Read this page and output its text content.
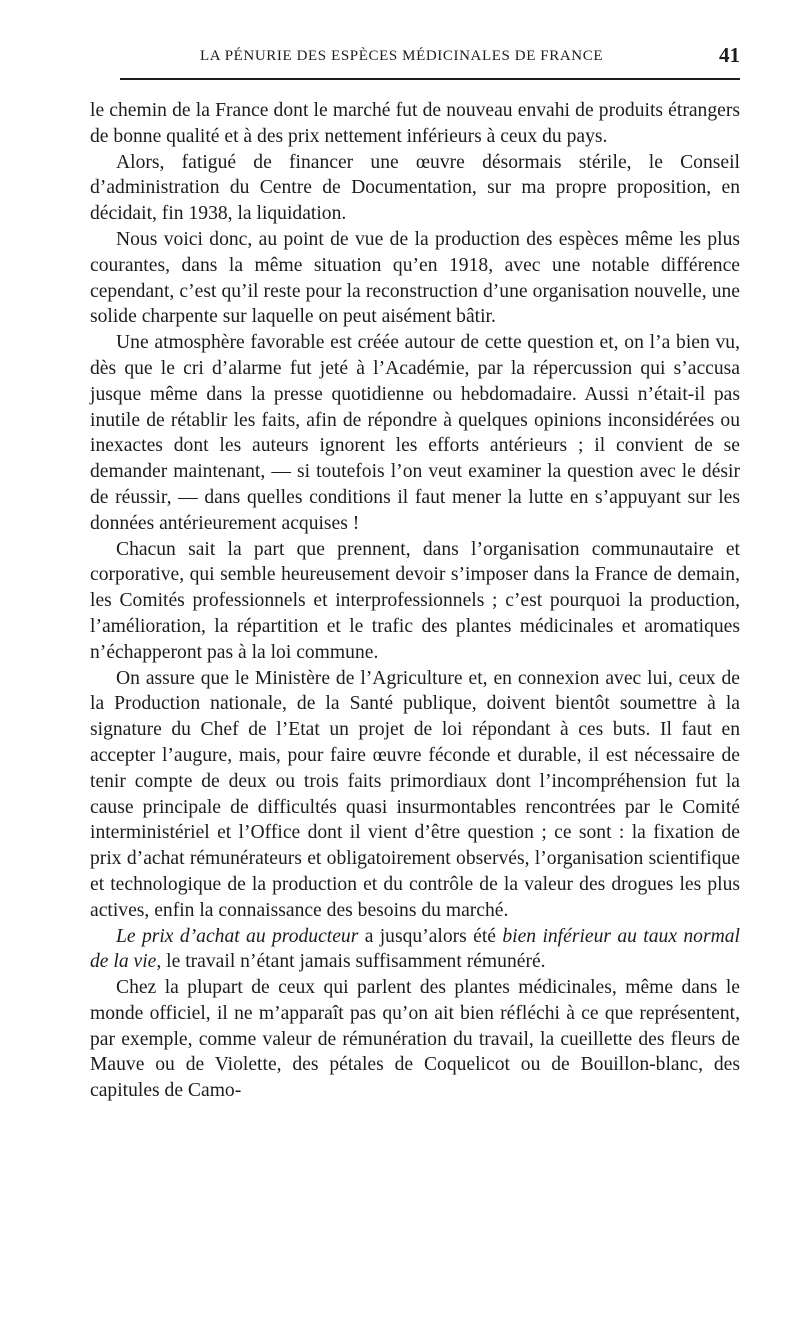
LA PÉNURIE DES ESPÈCES MÉDICINALES DE FRANCE	41

le chemin de la France dont le marché fut de nouveau envahi de produits étrangers de bonne qualité et à des prix nettement inférieurs à ceux du pays.

Alors, fatigué de financer une œuvre désormais stérile, le Conseil d’administration du Centre de Documentation, sur ma propre proposition, en décidait, fin 1938, la liquidation.

Nous voici donc, au point de vue de la production des espèces même les plus courantes, dans la même situation qu’en 1918, avec une notable différence cependant, c’est qu’il reste pour la reconstruction d’une organisation nouvelle, une solide charpente sur laquelle on peut aisément bâtir.

Une atmosphère favorable est créée autour de cette question et, on l’a bien vu, dès que le cri d’alarme fut jeté à l’Académie, par la répercussion qui s’accusa jusque même dans la presse quotidienne ou hebdomadaire. Aussi n’était-il pas inutile de rétablir les faits, afin de répondre à quelques opinions inconsidérées ou inexactes dont les auteurs ignorent les efforts antérieurs ; il convient de se demander maintenant, — si toutefois l’on veut examiner la question avec le désir de réussir, — dans quelles conditions il faut mener la lutte en s’appuyant sur les données antérieurement acquises !

Chacun sait la part que prennent, dans l’organisation communautaire et corporative, qui semble heureusement devoir s’imposer dans la France de demain, les Comités professionnels et interprofessionnels ; c’est pourquoi la production, l’amélioration, la répartition et le trafic des plantes médicinales et aromatiques n’échapperont pas à la loi commune.

On assure que le Ministère de l’Agriculture et, en connexion avec lui, ceux de la Production nationale, de la Santé publique, doivent bientôt soumettre à la signature du Chef de l’Etat un projet de loi répondant à ces buts. Il faut en accepter l’augure, mais, pour faire œuvre féconde et durable, il est nécessaire de tenir compte de deux ou trois faits primordiaux dont l’incompréhension fut la cause principale de difficultés quasi insurmontables rencontrées par le Comité interministériel et l’Office dont il vient d’être question ; ce sont : la fixation de prix d’achat rémunérateurs et obligatoirement observés, l’organisation scientifique et technologique de la production et du contrôle de la valeur des drogues les plus actives, enfin la connaissance des besoins du marché.

Le prix d’achat au producteur a jusqu’alors été bien inférieur au taux normal de la vie, le travail n’étant jamais suffisamment rémunéré.

Chez la plupart de ceux qui parlent des plantes médicinales, même dans le monde officiel, il ne m’apparaît pas qu’on ait bien réfléchi à ce que représentent, par exemple, comme valeur de rémunération du travail, la cueillette des fleurs de Mauve ou de Violette, des pétales de Coquelicot ou de Bouillon-blanc, des capitules de Camo-
